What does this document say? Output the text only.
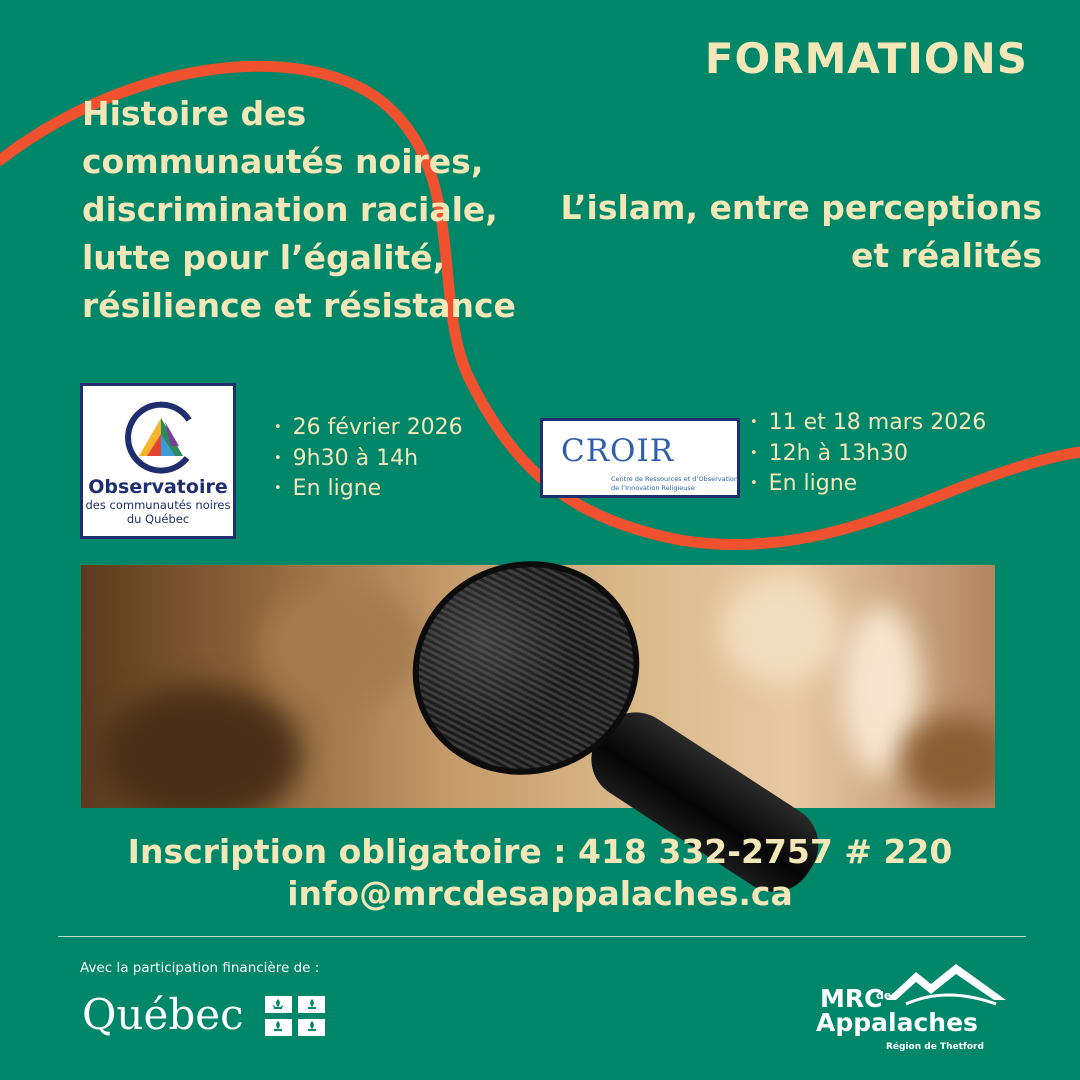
FORMATIONS
Histoire des communautés noires, discrimination raciale, lutte pour l’égalité, résilience et résistance
L’islam, entre perceptions et réalités
Observatoire
des communautés noires du Québec
• 26 février 2026
• 9h30 à 14h
• En ligne
CROIR
Centre de Ressources et d’Observation de l’Innovation Religieuse
• 11 et 18 mars 2026
• 12h à 13h30
• En ligne
Inscription obligatoire : 418 332-2757 # 220
info@mrcdesappalaches.ca
Avec la participation financière de :
Québec	MRC
des
Appalaches
Région de Thetford
